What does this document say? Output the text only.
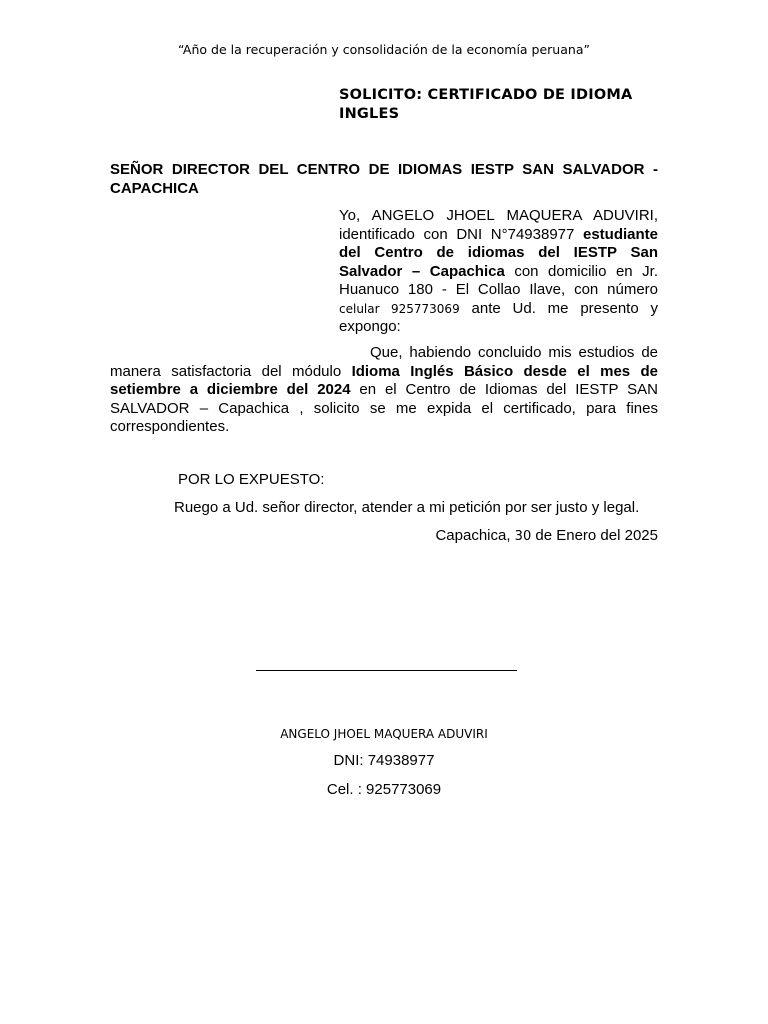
“Año de la recuperación y consolidación de la economía peruana”
SOLICITO: CERTIFICADO DE IDIOMA INGLES
SEÑOR DIRECTOR DEL CENTRO DE IDIOMAS IESTP SAN SALVADOR - CAPACHICA
Yo, ANGELO JHOEL MAQUERA ADUVIRI, identificado con DNI N°74938977 estudiante del Centro de idiomas del IESTP San Salvador – Capachica con domicilio en Jr. Huanuco 180 - El Collao Ilave, con número celular 925773069 ante Ud. me presento y expongo:
Que, habiendo concluido mis estudios de manera satisfactoria del módulo Idioma Inglés Básico desde el mes de setiembre a diciembre del 2024 en el Centro de Idiomas del IESTP SAN SALVADOR – Capachica , solicito se me expida el certificado, para fines correspondientes.
POR LO EXPUESTO:
Ruego a Ud. señor director, atender a mi petición por ser justo y legal.
Capachica, 30 de Enero del 2025
ANGELO JHOEL MAQUERA ADUVIRI
DNI: 74938977
Cel. : 925773069
